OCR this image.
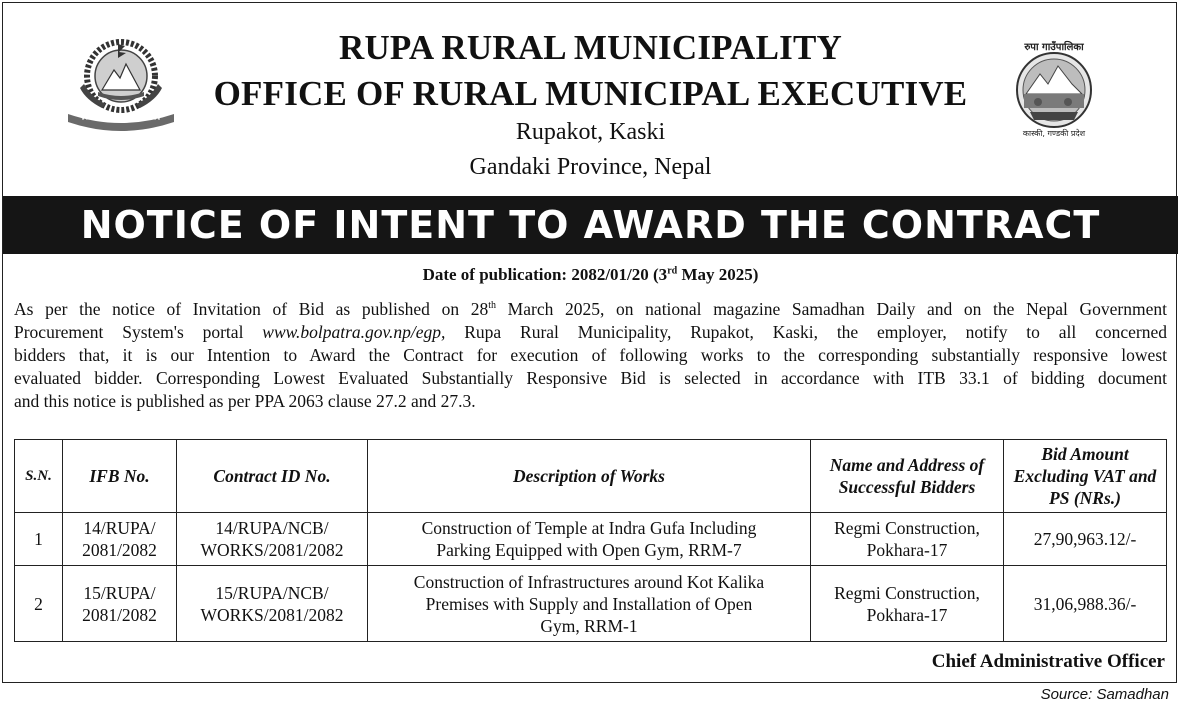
रुपा गाउँपालिका
कास्की, गण्डकी प्रदेश
RUPA RURAL MUNICIPALITY
OFFICE OF RURAL MUNICIPAL EXECUTIVE
Rupakot, Kaski
Gandaki Province, Nepal
NOTICE OF INTENT TO AWARD THE CONTRACT
Date of publication: 2082/01/20 (3rd May 2025)

As per the notice of Invitation of Bid as published on 28th March 2025, on national magazine Samadhan Daily and on the Nepal Government

Procurement System's portal www.bolpatra.gov.np/egp, Rupa Rural Municipality, Rupakot, Kaski, the employer, notify to all concerned

bidders that, it is our Intention to Award the Contract for execution of following works to the corresponding substantially responsive lowest

evaluated bidder. Corresponding Lowest Evaluated Substantially Responsive Bid is selected in accordance with ITB 33.1 of bidding document

and this notice is published as per PPA 2063 clause 27.2 and 27.3.

S.N.	IFB No.	Contract ID No.	Description of Works	Name and Address of Successful Bidders	Bid Amount Excluding VAT and PS (NRs.)
1	14/RUPA/
2081/2082	14/RUPA/NCB/
WORKS/2081/2082	Construction of Temple at Indra Gufa Including
Parking Equipped with Open Gym, RRM-7	Regmi Construction,
Pokhara-17	27,90,963.12/-
2	15/RUPA/
2081/2082	15/RUPA/NCB/
WORKS/2081/2082	Construction of Infrastructures around Kot Kalika
Premises with Supply and Installation of Open
Gym, RRM-1	Regmi Construction,
Pokhara-17	31,06,988.36/-
Chief Administrative Officer
Source: Samadhan
